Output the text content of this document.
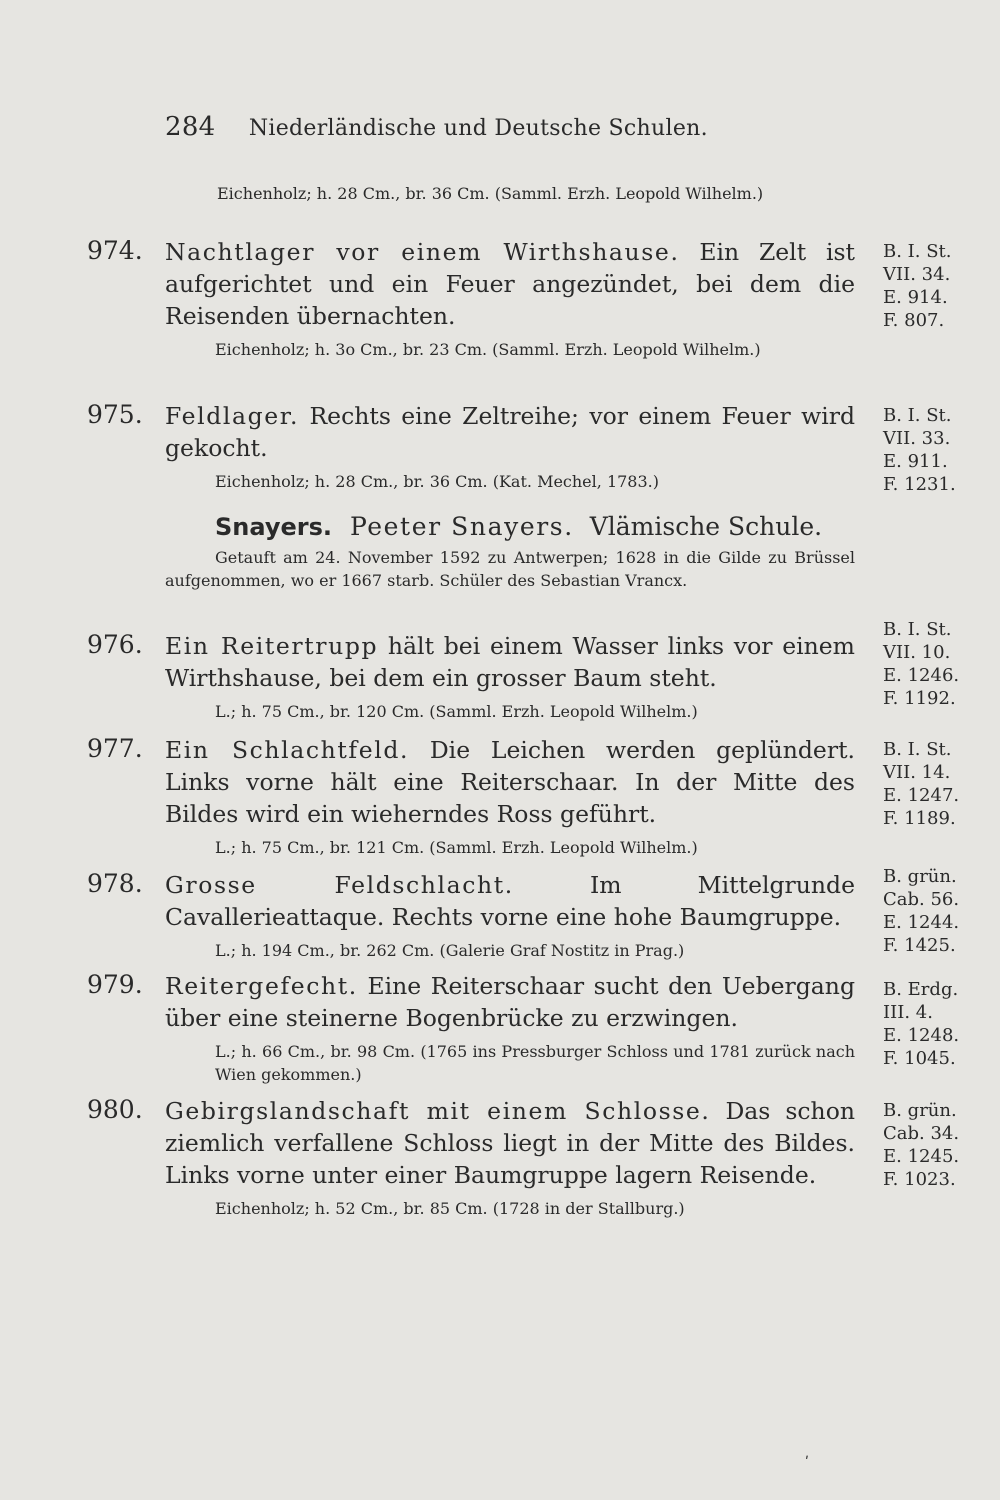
284 Niederländische und Deutsche Schulen.
Eichenholz; h. 28 Cm., br. 36 Cm. (Samml. Erzh. Leopold Wilhelm.)
974. Nachtlager vor einem Wirthshause. Ein Zelt ist aufgerichtet und ein Feuer angezündet, bei dem die Reisenden übernachten.
Eichenholz; h. 3o Cm., br. 23 Cm. (Samml. Erzh. Leopold Wilhelm.)
B. I. St.
VII. 34.
E. 914.
F. 807.
975. Feldlager. Rechts eine Zeltreihe; vor einem Feuer wird gekocht.
Eichenholz; h. 28 Cm., br. 36 Cm. (Kat. Mechel, 1783.)
B. I. St.
VII. 33.
E. 911.
F. 1231.
Snayers. Peeter Snayers. Vlämische Schule.
Getauft am 24. November 1592 zu Antwerpen; 1628 in die Gilde zu Brüssel aufgenommen, wo er 1667 starb. Schüler des Sebastian Vrancx.
976. Ein Reitertrupp hält bei einem Wasser links vor einem Wirthshause, bei dem ein grosser Baum steht.
L.; h. 75 Cm., br. 120 Cm. (Samml. Erzh. Leopold Wilhelm.)
B. I. St.
VII. 10.
E. 1246.
F. 1192.
977. Ein Schlachtfeld. Die Leichen werden geplündert. Links vorne hält eine Reiterschaar. In der Mitte des Bildes wird ein wieherndes Ross geführt.
L.; h. 75 Cm., br. 121 Cm. (Samml. Erzh. Leopold Wilhelm.)
B. I. St.
VII. 14.
E. 1247.
F. 1189.
978. Grosse Feldschlacht.	Im Mittelgrunde Cavallerieattaque. Rechts vorne eine hohe Baumgruppe.
L.; h. 194 Cm., br. 262 Cm. (Galerie Graf Nostitz in Prag.)
B. grün.
Cab. 56.
E. 1244.
F. 1425.
979. Reitergefecht. Eine Reiterschaar sucht den Uebergang über eine steinerne Bogenbrücke zu erzwingen.
L.; h. 66 Cm., br. 98 Cm. (1765 ins Pressburger Schloss und 1781 zurück nach Wien gekommen.)
B. Erdg.
III. 4.
E. 1248.
F. 1045.
980. Gebirgslandschaft mit einem Schlosse. Das schon ziemlich verfallene Schloss liegt in der Mitte des Bildes. Links vorne unter einer Baumgruppe lagern Reisende.
Eichenholz; h. 52 Cm., br. 85 Cm. (1728 in der Stallburg.)
B. grün.
Cab. 34.
E. 1245.
F. 1023.
ʹ
